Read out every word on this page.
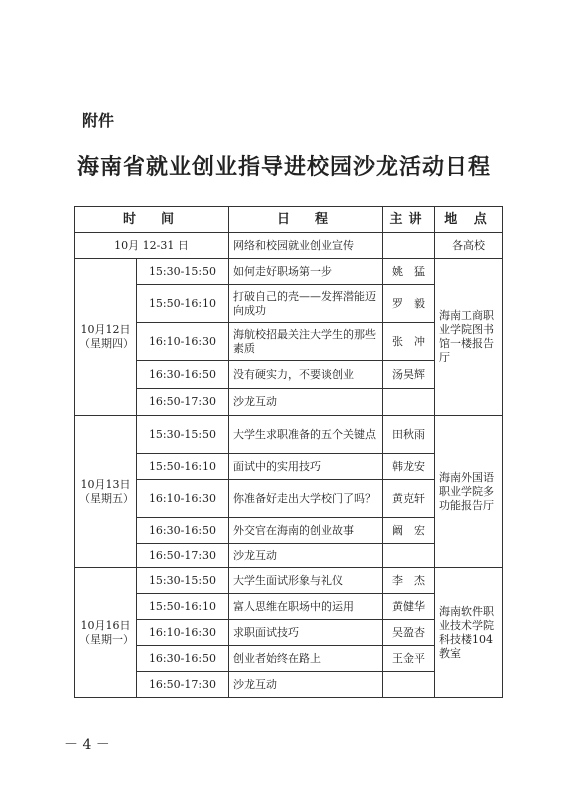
附件
海南省就业创业指导进校园沙龙活动日程
时　间		日　程	主讲	地 点
10月 12-31 日		网络和校园就业创业宣传		各高校

10月12日
（星期四）	15:30-15:50	如何走好职场第一步	姚　猛	海南工商职业学院图书馆一楼报告厅
	15:50-16:10	打破自己的壳——发挥潜能迈向成功	罗　毅	
	16:10-16:30	海航校招最关注大学生的那些素质	张　冲	
	16:30-16:50	没有硬实力，不要谈创业	汤昊辉	
	16:50-17:30	沙龙互动		

10月13日
（星期五）	15:30-15:50	大学生求职准备的五个关键点	田秋雨	海南外国语职业学院多功能报告厅
	15:50-16:10	面试中的实用技巧	韩龙安	
	16:10-16:30	你准备好走出大学校门了吗？	黄克轩	
	16:30-16:50	外交官在海南的创业故事	阚　宏	
	16:50-17:30	沙龙互动		

10月16日
（星期一）	15:30-15:50	大学生面试形象与礼仪	李　杰	海南软件职业技术学院科技楼104教室
	15:50-16:10	富人思维在职场中的运用	黄健华	
	16:10-16:30	求职面试技巧	吴盈杏	
	16:30-16:50	创业者始终在路上	王金平	
	16:50-17:30	沙龙互动		
－ 4 －
